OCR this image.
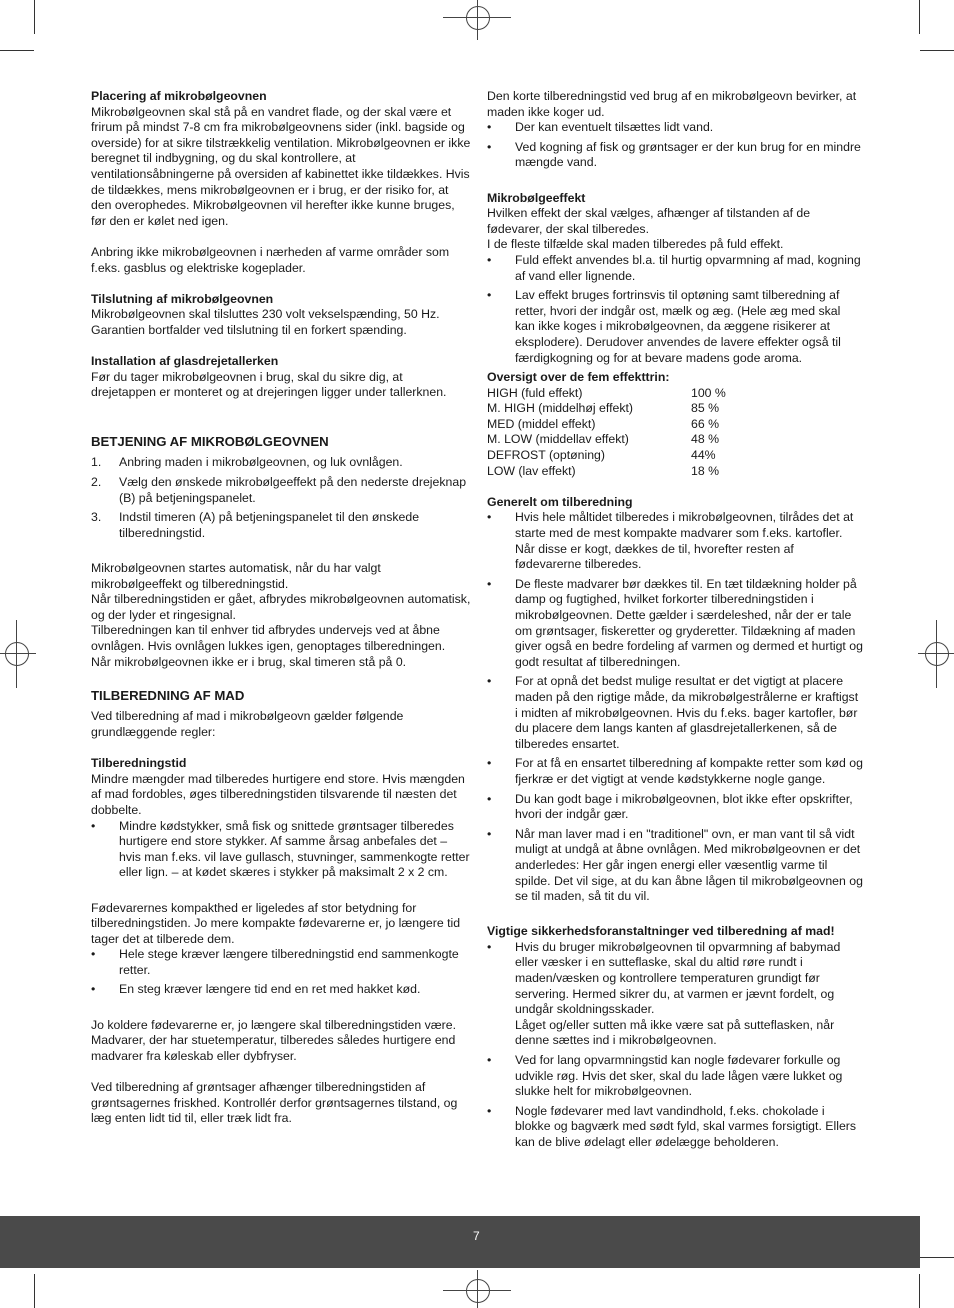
Placering af mikrobølgeovnen

Mikrobølgeovnen skal stå på en vandret flade, og der skal være et frirum på mindst 7-8 cm fra mikrobølgeovnens sider (inkl. bagside og overside) for at sikre tilstrækkelig ventilation. Mikrobølgeovnen er ikke beregnet til indbygning, og du skal kontrollere, at ventilationsåbningerne på oversiden af kabinettet ikke tildækkes. Hvis de tildækkes, mens mikrobølgeovnen er i brug, er der risiko for, at den overophedes. Mikrobølgeovnen vil herefter ikke kunne bruges, før den er kølet ned igen.

Anbring ikke mikrobølgeovnen i nærheden af varme områder som f.eks. gasblus og elektriske kogeplader.

Tilslutning af mikrobølgeovnen

Mikrobølgeovnen skal tilsluttes 230 volt vekselspænding, 50 Hz. Garantien bortfalder ved tilslutning til en forkert spænding.

Installation af glasdrejetallerken

Før du tager mikrobølgeovnen i brug, skal du sikre dig, at drejetappen er monteret og at drejeringen ligger under tallerknen.

BETJENING AF MIKROBØLGEOVNEN

1. Anbring maden i mikrobølgeovnen, og luk ovnlågen.
2. Vælg den ønskede mikrobølgeeffekt på den nederste drejeknap (B) på betjeningspanelet.
3. Indstil timeren (A) på betjeningspanelet til den ønskede tilberedningstid.

Mikrobølgeovnen startes automatisk, når du har valgt mikrobølgeeffekt og tilberedningstid.

Når tilberedningstiden er gået, afbrydes mikrobølgeovnen automatisk, og der lyder et ringesignal.

Tilberedningen kan til enhver tid afbrydes undervejs ved at åbne ovnlågen. Hvis ovnlågen lukkes igen, genoptages tilberedningen.

Når mikrobølgeovnen ikke er i brug, skal timeren stå på 0.

TILBEREDNING AF MAD

Ved tilberedning af mad i mikrobølgeovn gælder følgende grundlæggende regler:

Tilberedningstid

Mindre mængder mad tilberedes hurtigere end store. Hvis mængden af mad fordobles, øges tilberedningstiden tilsvarende til næsten det dobbelte.

• Mindre kødstykker, små fisk og snittede grøntsager tilberedes hurtigere end store stykker. Af samme årsag anbefales det – hvis man f.eks. vil lave gullasch, stuvninger, sammenkogte retter eller lign. – at kødet skæres i stykker på maksimalt 2 x 2 cm.

Fødevarernes kompakthed er ligeledes af stor betydning for tilberedningstiden. Jo mere kompakte fødevarerne er, jo længere tid tager det at tilberede dem.

• Hele stege kræver længere tilberedningstid end sammenkogte retter.
• En steg kræver længere tid end en ret med hakket kød.

Jo koldere fødevarerne er, jo længere skal tilberedningstiden være. Madvarer, der har stuetemperatur, tilberedes således hurtigere end madvarer fra køleskab eller dybfryser.

Ved tilberedning af grøntsager afhænger tilberedningstiden af grøntsagernes friskhed. Kontrollér derfor grøntsagernes tilstand, og læg enten lidt tid til, eller træk lidt fra.

Den korte tilberedningstid ved brug af en mikrobølgeovn bevirker, at maden ikke koger ud.

• Der kan eventuelt tilsættes lidt vand.
• Ved kogning af fisk og grøntsager er der kun brug for en mindre mængde vand.

Mikrobølgeeffekt

Hvilken effekt der skal vælges, afhænger af tilstanden af de fødevarer, der skal tilberedes.

I de fleste tilfælde skal maden tilberedes på fuld effekt.

• Fuld effekt anvendes bl.a. til hurtig opvarmning af mad, kogning af vand eller lignende.
• Lav effekt bruges fortrinsvis til optøning samt tilberedning af retter, hvori der indgår ost, mælk og æg. (Hele æg med skal kan ikke koges i mikrobølgeovnen, da æggene risikerer at eksplodere). Derudover anvendes de lavere effekter også til færdigkogning og for at bevare madens gode aroma.

Oversigt over de fem effekttrin:

HIGH (fuld effekt)	100 %
M. HIGH (middelhøj effekt)	85 %
MED (middel effekt)	66 %
M. LOW (middellav effekt)	48 %
DEFROST (optøning)	44%
LOW (lav effekt)	18 %

Generelt om tilberedning

• Hvis hele måltidet tilberedes i mikrobølgeovnen, tilrådes det at starte med de mest kompakte madvarer som f.eks. kartofler. Når disse er kogt, dækkes de til, hvorefter resten af fødevarerne tilberedes.
• De fleste madvarer bør dækkes til. En tæt tildækning holder på damp og fugtighed, hvilket forkorter tilberedningstiden i mikrobølgeovnen. Dette gælder i særdeleshed, når der er tale om grøntsager, fiskeretter og gryderetter. Tildækning af maden giver også en bedre fordeling af varmen og dermed et hurtigt og godt resultat af tilberedningen.
• For at opnå det bedst mulige resultat er det vigtigt at placere maden på den rigtige måde, da mikrobølgestrålerne er kraftigst i midten af mikrobølgeovnen. Hvis du f.eks. bager kartofler, bør du placere dem langs kanten af glasdrejetallerkenen, så de tilberedes ensartet.
• For at få en ensartet tilberedning af kompakte retter som kød og fjerkræ er det vigtigt at vende kødstykkerne nogle gange.
• Du kan godt bage i mikrobølgeovnen, blot ikke efter opskrifter, hvori der indgår gær.
• Når man laver mad i en "traditionel" ovn, er man vant til så vidt muligt at undgå at åbne ovnlågen. Med mikrobølgeovnen er det anderledes: Her går ingen energi eller væsentlig varme til spilde. Det vil sige, at du kan åbne lågen til mikrobølgeovnen og se til maden, så tit du vil.

Vigtige sikkerhedsforanstaltninger ved tilberedning af mad!

• Hvis du bruger mikrobølgeovnen til opvarmning af babymad eller væsker i en sutteflaske, skal du altid røre rundt i maden/væsken og kontrollere temperaturen grundigt før servering. Hermed sikrer du, at varmen er jævnt fordelt, og undgår skoldningsskader.
Låget og/eller sutten må ikke være sat på sutteflasken, når denne sættes ind i mikrobølgeovnen.
• Ved for lang opvarmningstid kan nogle fødevarer forkulle og udvikle røg. Hvis det sker, skal du lade lågen være lukket og slukke helt for mikrobølgeovnen.
• Nogle fødevarer med lavt vandindhold, f.eks. chokolade i blokke og bagværk med sødt fyld, skal varmes forsigtigt. Ellers kan de blive ødelagt eller ødelægge beholderen.
7
